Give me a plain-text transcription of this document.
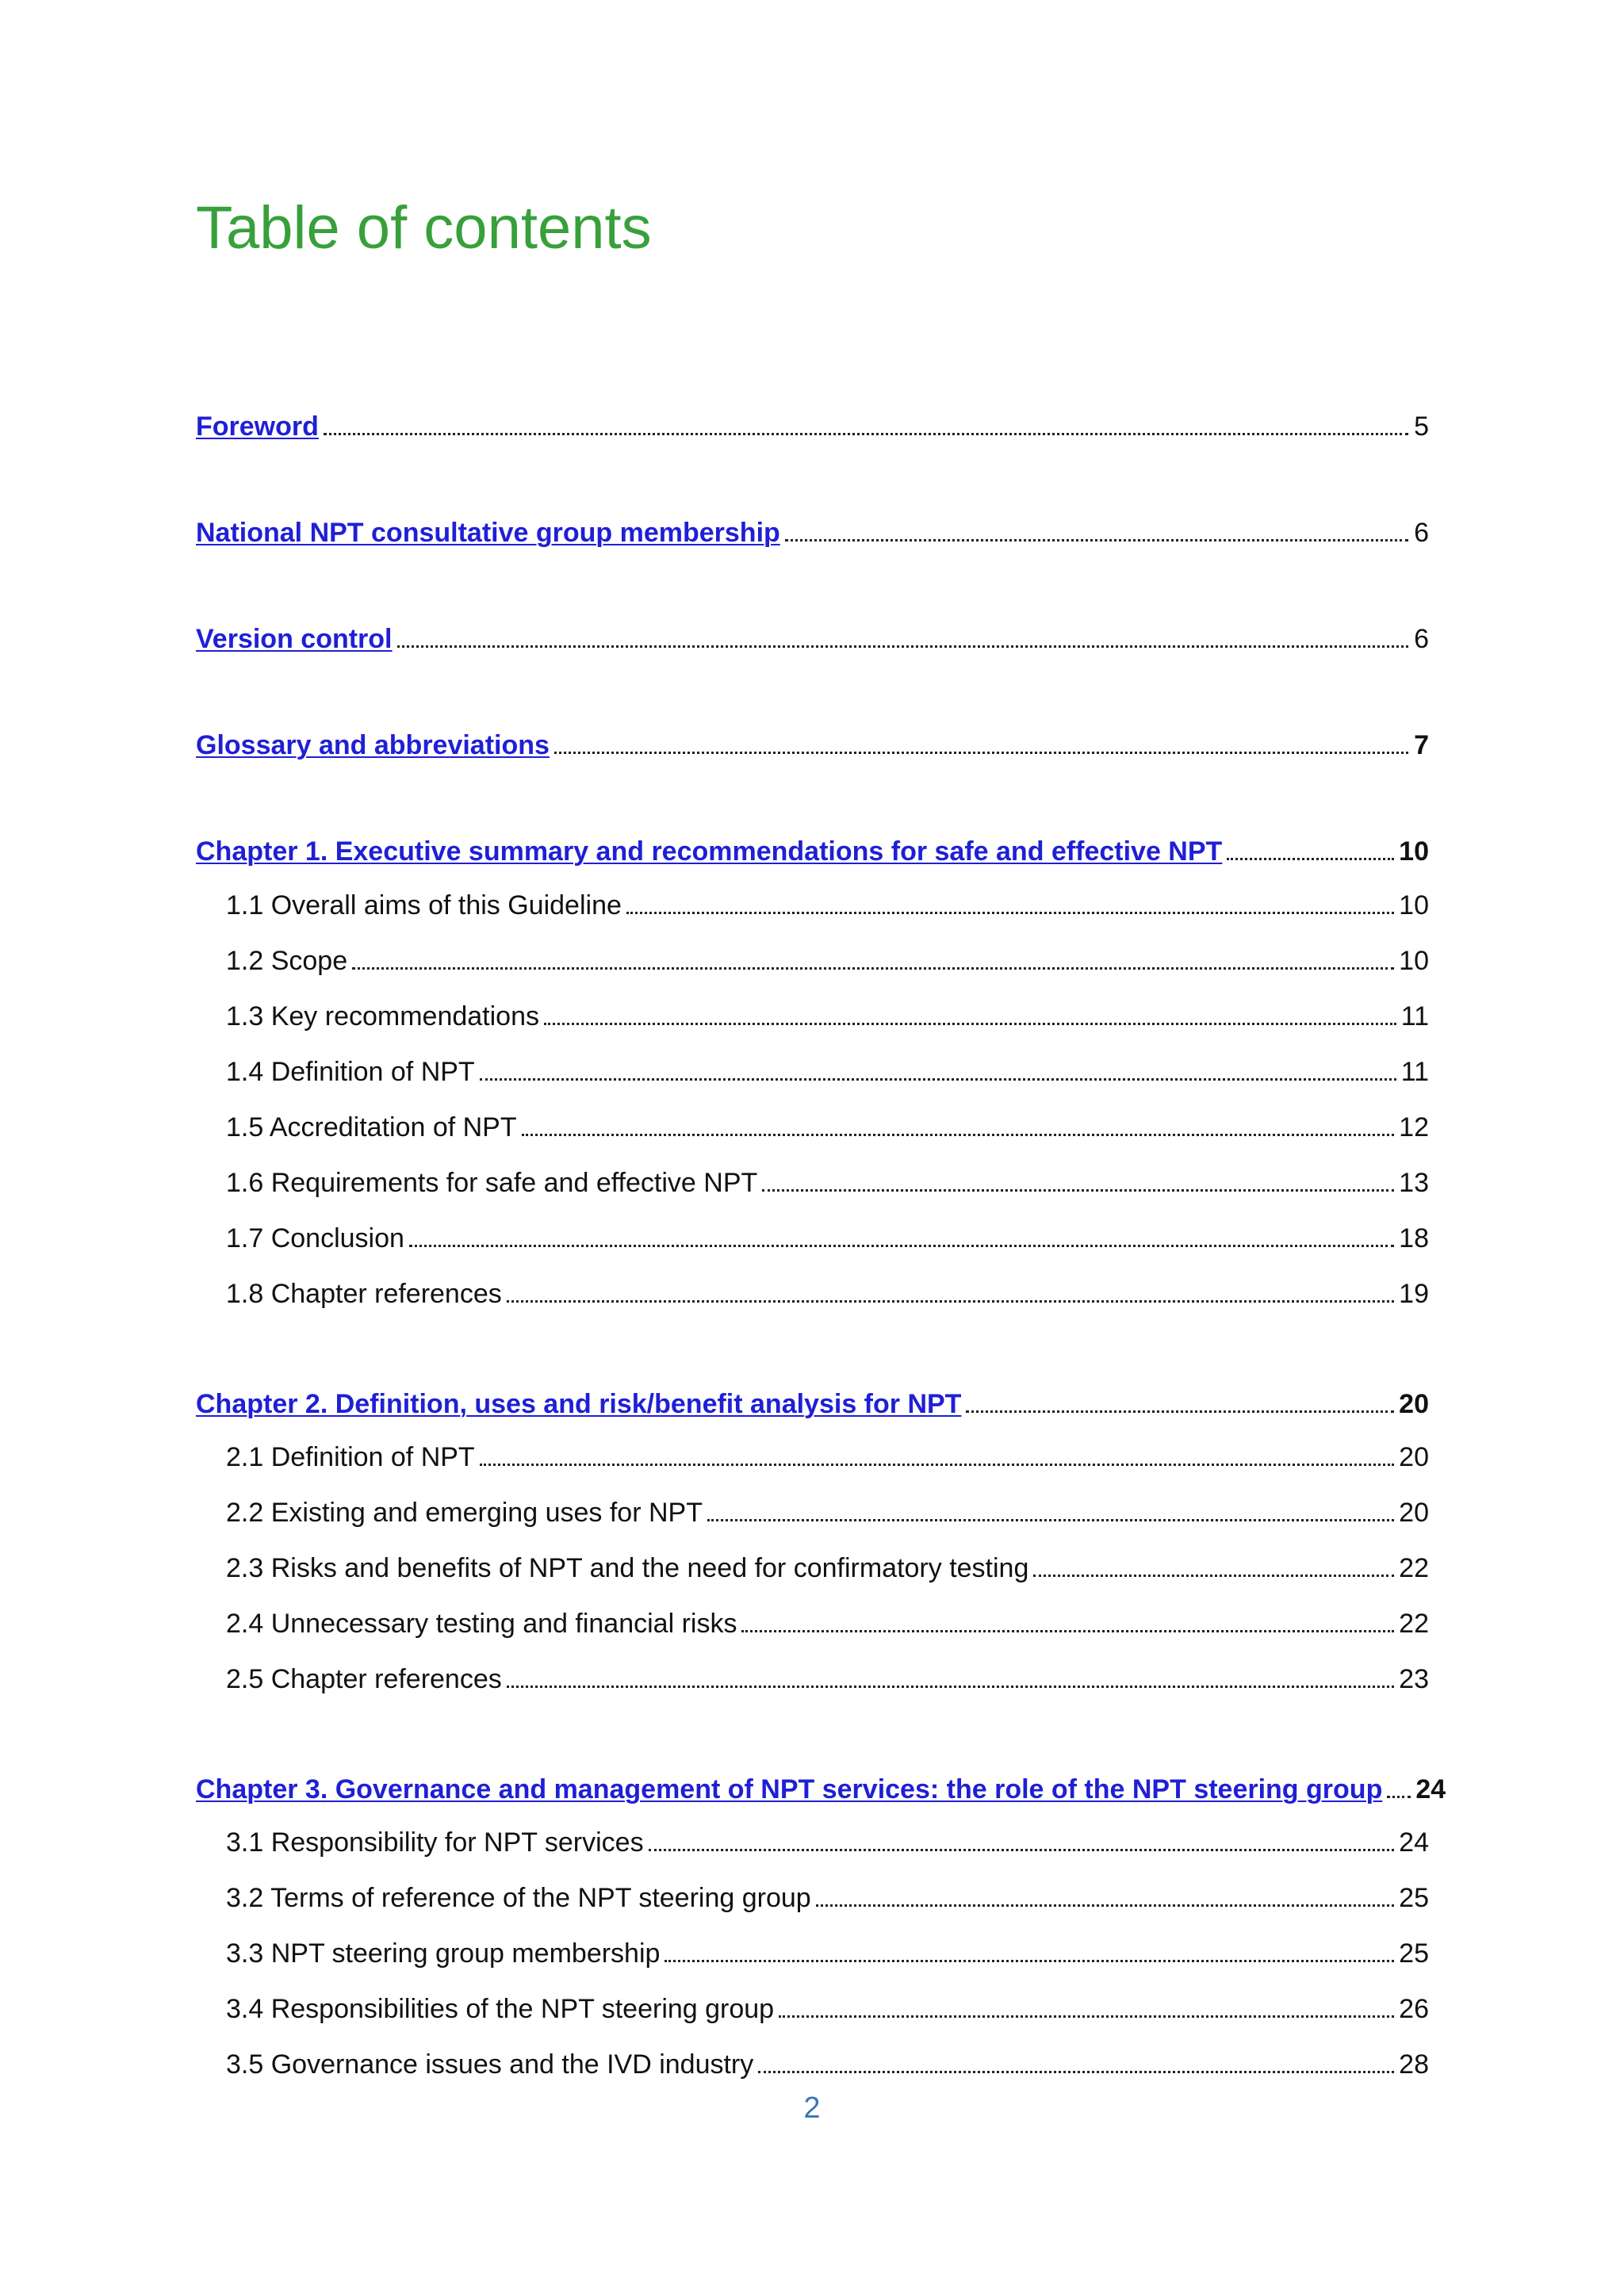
Table of contents
Foreword	5
National NPT consultative group membership	6
Version control	6
Glossary and abbreviations	7
Chapter 1. Executive summary and recommendations for safe and effective NPT	10
1.1 Overall aims of this Guideline	10
1.2 Scope	10
1.3 Key recommendations	11
1.4 Definition of NPT	11
1.5 Accreditation of NPT	12
1.6 Requirements for safe and effective NPT	13
1.7 Conclusion	18
1.8 Chapter references	19
Chapter 2. Definition, uses and risk/benefit analysis for NPT	20
2.1 Definition of NPT	20
2.2 Existing and emerging uses for NPT	20
2.3 Risks and benefits of NPT and the need for confirmatory testing	22
2.4 Unnecessary testing and financial risks	22
2.5 Chapter references	23
Chapter 3. Governance and management of NPT services: the role of the NPT steering group 24
3.1 Responsibility for NPT services	24
3.2 Terms of reference of the NPT steering group	25
3.3 NPT steering group membership	25
3.4 Responsibilities of the NPT steering group	26
3.5 Governance issues and the IVD industry	28
2
